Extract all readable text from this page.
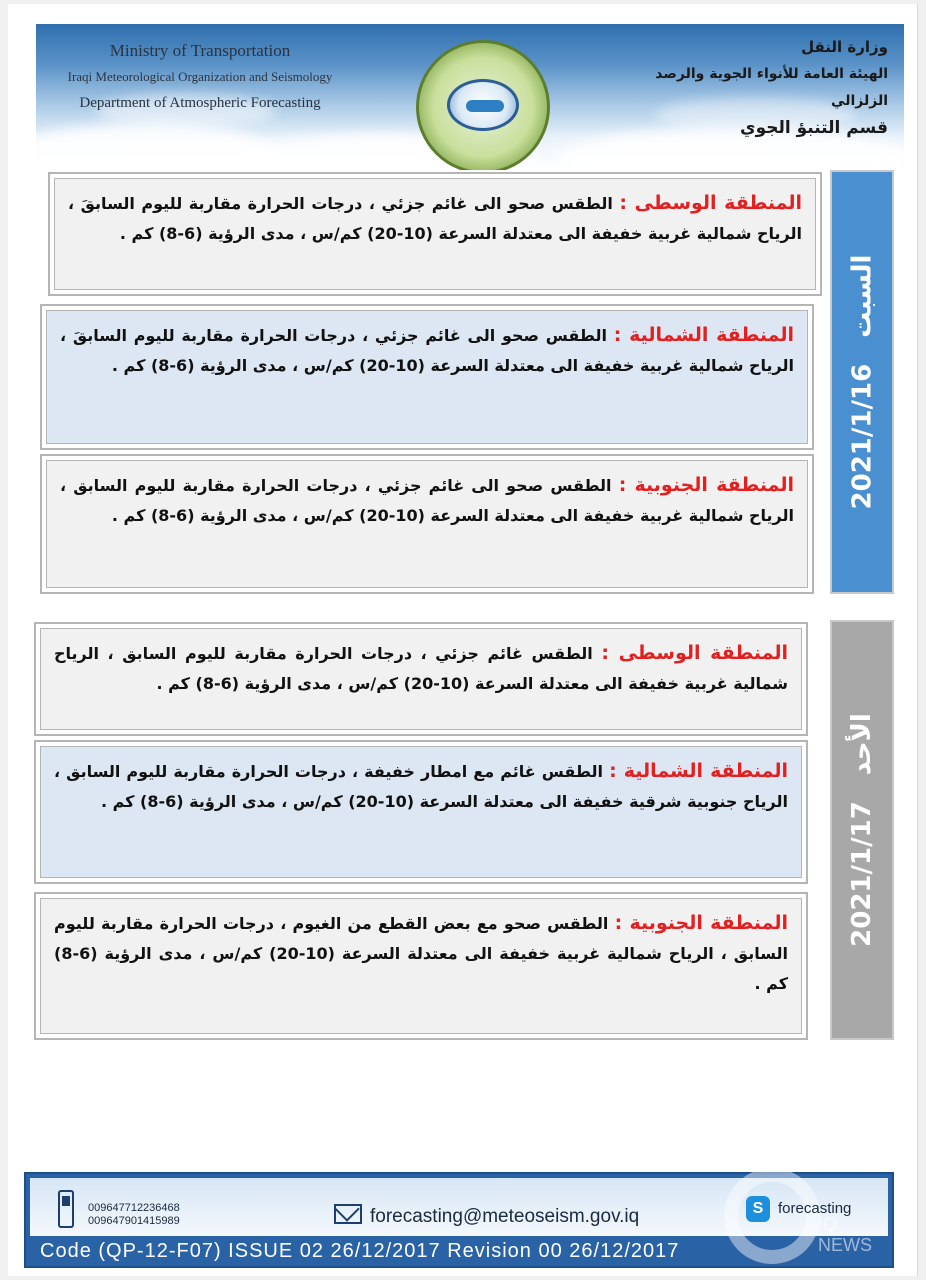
Ministry of Transportation
Iraqi Meteorological Organization and Seismology
Department of Atmospheric Forecasting
وزارة النقل
الهيئة العامة للأنواء الجوية والرصد الزلزالي
قسم التنبؤ الجوي

المنطقة الوسطى : الطقس صحو الى غائم جزئي ، درجات الحرارة مقاربة لليوم السابقَ ، الرياح شمالية غربية خفيفة الى معتدلة السرعة (10-20) كم/س ، مدى الرؤية (6-8) كم .

المنطقة الشمالية : الطقس صحو الى غائم جزئي ، درجات الحرارة مقاربة لليوم السابقَ ، الرياح شمالية غربية خفيفة الى معتدلة السرعة (10-20) كم/س ، مدى الرؤية (6-8) كم .

المنطقة الجنوبية : الطقس صحو الى غائم جزئي ، درجات الحرارة مقاربة لليوم السابق ، الرياح شمالية غربية خفيفة الى معتدلة السرعة (10-20) كم/س ، مدى الرؤية (6-8) كم .

2021/1/16السبت

المنطقة الوسطى : الطقس غائم جزئي ، درجات الحرارة مقاربة لليوم السابق ، الرياح شمالية غربية خفيفة الى معتدلة السرعة (10-20) كم/س ، مدى الرؤية (6-8) كم .

المنطقة الشمالية : الطقس غائم مع امطار خفيفة ، درجات الحرارة مقاربة لليوم السابق ، الرياح جنوبية شرقية خفيفة الى معتدلة السرعة (10-20) كم/س ، مدى الرؤية (6-8) كم .

المنطقة الجنوبية : الطقس صحو مع بعض القطع من الغيوم ، درجات الحرارة مقاربة لليوم السابق ، الرياح شمالية غربية خفيفة الى معتدلة السرعة (10-20) كم/س ، مدى الرؤية (6-8) كم .

2021/1/17الأحد
009647712236468
009647901415989	forecasting@meteoseism.gov.iq	S forecasting
IQ NEWS
Code (QP-12-F07) ISSUE 02 26/12/2017 Revision 00 26/12/2017
